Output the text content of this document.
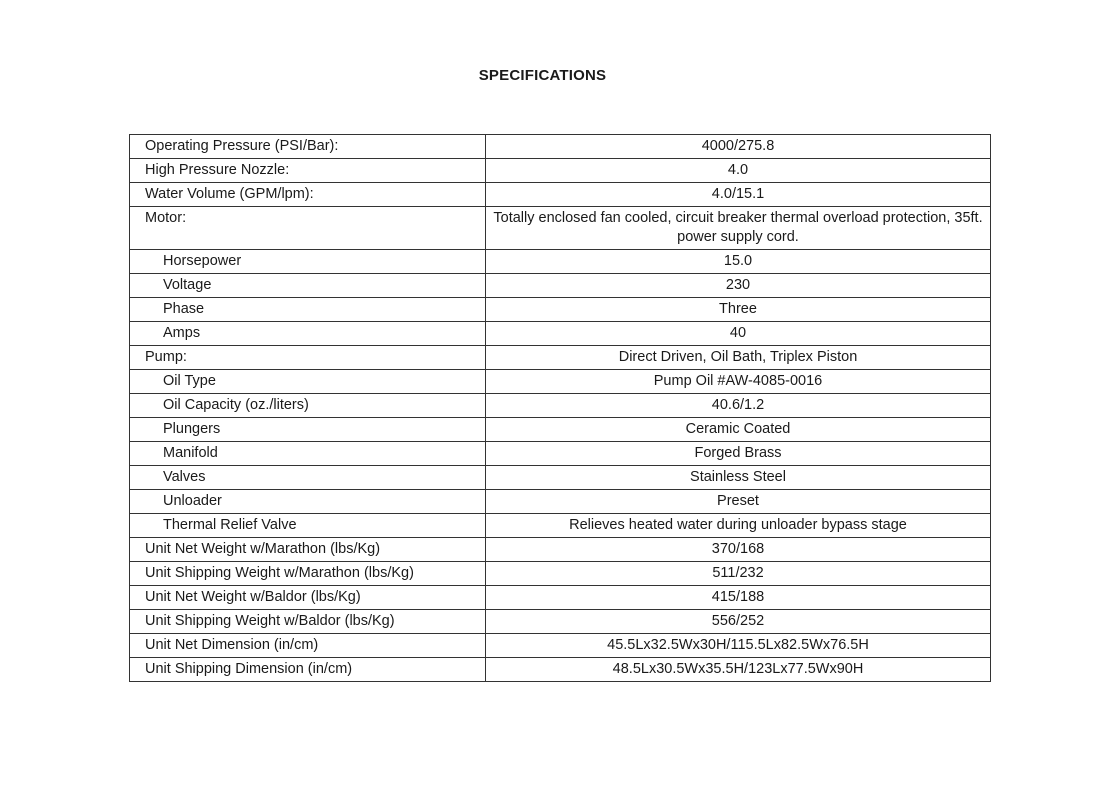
SPECIFICATIONS
Operating Pressure (PSI/Bar):	4000/275.8
High Pressure Nozzle:	4.0
Water Volume (GPM/lpm):	4.0/15.1
Motor:	Totally enclosed fan cooled, circuit breaker thermal overload protection, 35ft. power supply cord.
Horsepower	15.0
Voltage	230
Phase	Three
Amps	40
Pump:	Direct Driven, Oil Bath, Triplex Piston
Oil Type	Pump Oil #AW-4085-0016
Oil Capacity (oz./liters)	40.6/1.2
Plungers	Ceramic Coated
Manifold	Forged Brass
Valves	Stainless Steel
Unloader	Preset
Thermal Relief Valve	Relieves heated water during unloader bypass stage
Unit Net Weight w/Marathon (lbs/Kg)	370/168
Unit Shipping Weight w/Marathon (lbs/Kg)	511/232
Unit Net Weight w/Baldor (lbs/Kg)	415/188
Unit Shipping Weight w/Baldor (lbs/Kg)	556/252
Unit Net Dimension (in/cm)	45.5Lx32.5Wx30H/115.5Lx82.5Wx76.5H
Unit Shipping Dimension (in/cm)	48.5Lx30.5Wx35.5H/123Lx77.5Wx90H
